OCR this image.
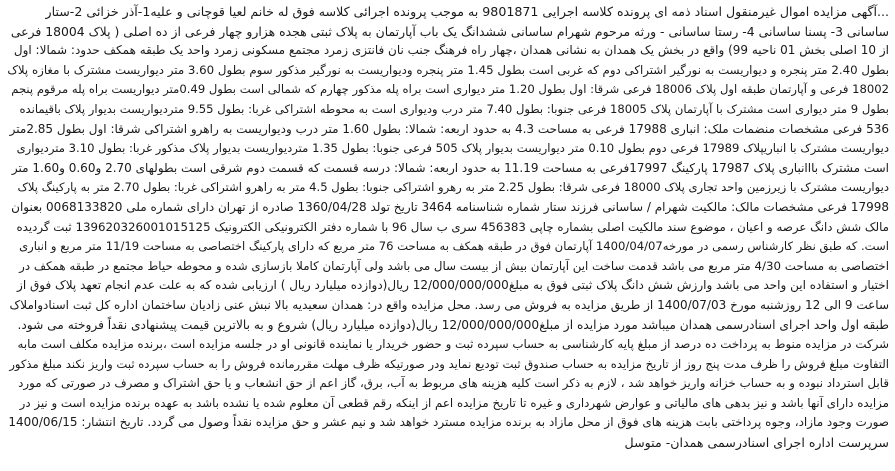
...آگهی مزایده اموال غیرمنقول اسناد ذمه ای پرونده کلاسه اجرایی 9801871 به موجب پرونده اجرائی کلاسه فوق له خانم لعیا قوچانی و علیه1-آذر خزائی 2-ستار
ساسانی 3- پسنا ساسانی 4- رستا ساسانی - ورثه مرحوم شهرام ساسانی ششدانگ یک باب آپارتمان به پلاک ثبتی هجده هزارو چهار فرعی از ده اصلی ( پلاک 18004 فرعی
از 10 اصلی بخش 01 ناحیه 99) واقع در بخش یک همدان به نشانی همدان ،چهار راه فرهنگ جنب نان فانتزی زمرد مجتمع مسکونی زمرد واحد یک طبقه همکف حدود: شمالا: اول
بطول 2.40 متر پنجره و دیواریست به نورگیر اشتراکی دوم که غربی است بطول 1.45 متر پنجره ودیواریست به نورگیر مذکور سوم بطول 3.60 متر دیواریست مشترک با مغازه پلاک
18002 فرعی و آپارتمان طبقه اول پلاک 18006 فرعی شرقا: اول بطول 1.20 متر دیواری است براه پله مذکور چهارم که شمالی است بطول 0.49متر دیواریست براه پله مرقوم پنجم
بطول 9 متر دیواری است مشترک با آپارتمان پلاک 18005 فرعی جنوبا: بطول 7.40 متر درب ودیواری است به محوطه اشتراکی غربا: بطول 9.55 متردیواریست بدیوار پلاک باقیمانده
536 فرعی مشخصات منضمات ملک: انباری 17988 فرعی به مساحت 4.3 به حدود اربعه: شمالا: بطول 1.60 متر درب ودیواریست به راهرو اشتراکی شرقا: اول بطول 2.85متر
دیواریست مشترک با انباریپلاک 17989 فرعی دوم بطول 0.10 متر دیواریست بدیوار پلاک 505 فرعی جنوبا: بطول 1.35 متردیواریست بدیوار پلاک مذکور غربا: بطول 3.10 متردیواری
است مشترک بااانباری پلاک 17987 پارکینگ 17997فرعی به مساحت 11.19 به حدود اربعه: شمالا: درسه قسمت که قسمت دوم شرقی است بطولهای 2.70 و0.60 و1.60 متر
دیواریست مشترک با زیرزمین واحد تجاری پلاک 18000 فرعی شرقا: بطول 2.25 متر به رهرو اشتراکی جنوبا: بطول 4.5 متر به راهرو اشتراکی غربا: بطول 2.70 متر به پارکینگ پلاک
17998 فرعی مشخصات مالک: مالکیت شهرام / ساسانی فرزند ستار شماره شناسنامه 3464 تاریخ تولد 1360/04/28 صادره از تهران دارای شماره ملی 0068133820 بعنوان
مالک شش دانگ عرصه و اعیان ، موضوع سند مالکیت اصلی بشماره چاپی 456383 سری ب سال 96 با شماره دفتر الکترونیکی الکترونیک 139620326001015125 ثبت گردیده
است. که طبق نظر کارشناس رسمی در مورخه1400/04/07 آپارتمان فوق در طبقه همکف به مساحت 76 متر مربع که دارای پارکینگ اختصاصی به مساحت 11/19 متر مربع و انباری
اختصاصی به مساحت 4/30 متر مربع می باشد قدمت ساخت این آپارتمان بیش از بیست سال می باشد ولی آپارتمان کاملا بازسازی شده و محوطه حیاط مجتمع در طبقه همکف در
اختیار و استفاده این واحد می باشد وارزش شش دانگ پلاک ثبتی فوق به مبلغ12/000/000/000 ریال(دوازده میلیارد ریال ) ارزیابی شده که به علت عدم انجام تعهد پلاک فوق از
ساعت 9 الی 12 روزشنبه مورخ 1400/07/03 از طریق مزایده به فروش می رسد. محل مزایده واقع در: همدان سعیدیه بالا نبش عنی زادیان ساختمان اداره کل ثبت اسنادواملاک
طبقه اول واحد اجرای اسنادرسمی همدان میباشد مورد مزایده از مبلغ12/000/000/000 ریال(دوازده میلیارد ریال) شروع و به بالاترین قیمت پیشنهادی نقداً فروخته می شود.
شرکت در مزایده منوط به پرداخت ده درصد از مبلغ پایه کارشناسی به حساب سپرده ثبت و حضور خریدار یا نماینده قانونی او در جلسه مزایده است ،برنده مزایده مکلف است مابه
التفاوت مبلغ فروش را ظرف مدت پنج روز از تاریخ مزایده به حساب صندوق ثبت تودیع نماید ودر صورتیکه ظرف مهلت مقررمانده فروش را به حساب سپرده ثبت واریز نکند مبلغ مذکور
قابل استرداد نبوده و به حساب خزانه واریز خواهد شد ، لازم به ذکر است کلیه هزینه های مربوط به آب، برق، گاز اعم از حق انشعاب و یا حق اشتراک و مصرف در صورتی که مورد
مزایده دارای آنها باشد و نیز بدهی های مالیاتی و عوارض شهرداری و غیره تا تاریخ مزایده اعم از اینکه رقم قطعی آن معلوم شده یا نشده باشد به عهده برنده مزایده است و نیز در
صورت وجود مازاد، وجوه پرداختی بابت هزینه های فوق از محل مازاد به برنده مزایده مسترد خواهد شد و نیم عشر و حق مزایده نقداً وصول می گردد. تاریخ انتشار: 1400/06/15
سرپرست اداره اجرای اسنادرسمی همدان- متوسل
